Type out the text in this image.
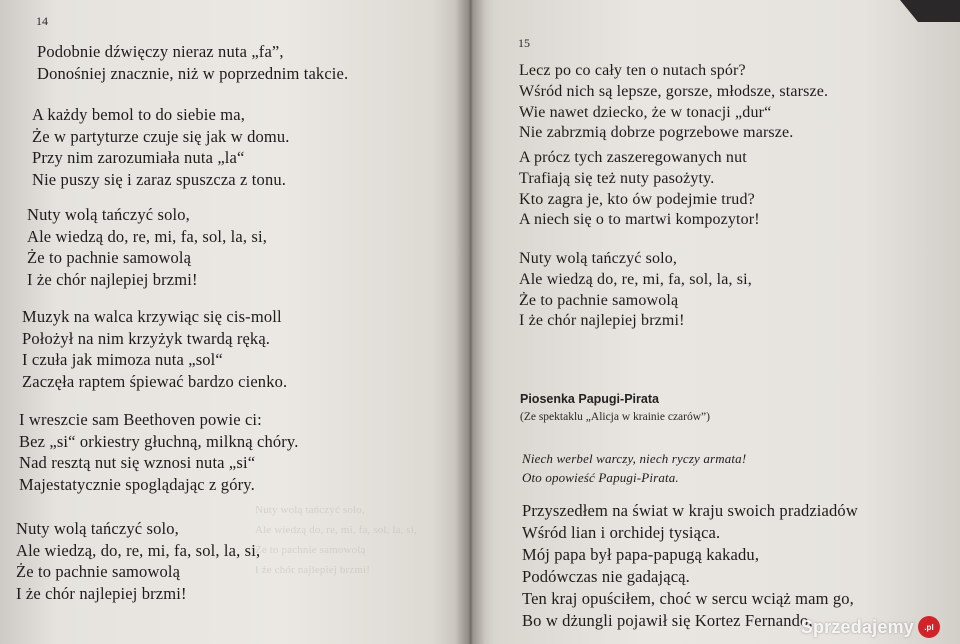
Nuty wolą tańczyć solo,
Ale wiedzą do, re, mi, fa, sol, la, si,
Że to pachnie samowolą
I że chór najlepiej brzmi!
14
Podobnie dźwięczy nieraz nuta „fa”,
Donośniej znacznie, niż w poprzednim takcie.
A każdy bemol to do siebie ma,
Że w partyturze czuje się jak w domu.
Przy nim zarozumiała nuta „la“
Nie puszy się i zaraz spuszcza z tonu.
Nuty wolą tańczyć solo,
Ale wiedzą do, re, mi, fa, sol, la, si,
Że to pachnie samowolą
I że chór najlepiej brzmi!
Muzyk na walca krzywiąc się cis-moll
Położył na nim krzyżyk twardą ręką.
I czuła jak mimoza nuta „sol“
Zaczęła raptem śpiewać bardzo cienko.
I wreszcie sam Beethoven powie ci:
Bez „si“ orkiestry głuchną, milkną chóry.
Nad resztą nut się wznosi nuta „si“
Majestatycznie spoglądając z góry.
Nuty wolą tańczyć solo,
Ale wiedzą, do, re, mi, fa, sol, la, si,
Że to pachnie samowolą
I że chór najlepiej brzmi!
15
Lecz po co cały ten o nutach spór?
Wśród nich są lepsze, gorsze, młodsze, starsze.
Wie nawet dziecko, że w tonacji „dur“
Nie zabrzmią dobrze pogrzebowe marsze.
A prócz tych zaszeregowanych nut
Trafiają się też nuty pasożyty.
Kto zagra je, kto ów podejmie trud?
A niech się o to martwi kompozytor!
Nuty wolą tańczyć solo,
Ale wiedzą do, re, mi, fa, sol, la, si,
Że to pachnie samowolą
I że chór najlepiej brzmi!
Piosenka Papugi-Pirata
(Ze spektaklu „Alicja w krainie czarów”)
Niech werbel warczy, niech ryczy armata!
Oto opowieść Papugi-Pirata.
Przyszedłem na świat w kraju swoich pradziadów
Wśród lian i orchidej tysiąca.
Mój papa był papa-papugą kakadu,
Podówczas nie gadającą.
Ten kraj opuściłem, choć w sercu wciąż mam go,
Bo w dżungli pojawił się Kortez Fernando,
Sprzedajemy	.pl
